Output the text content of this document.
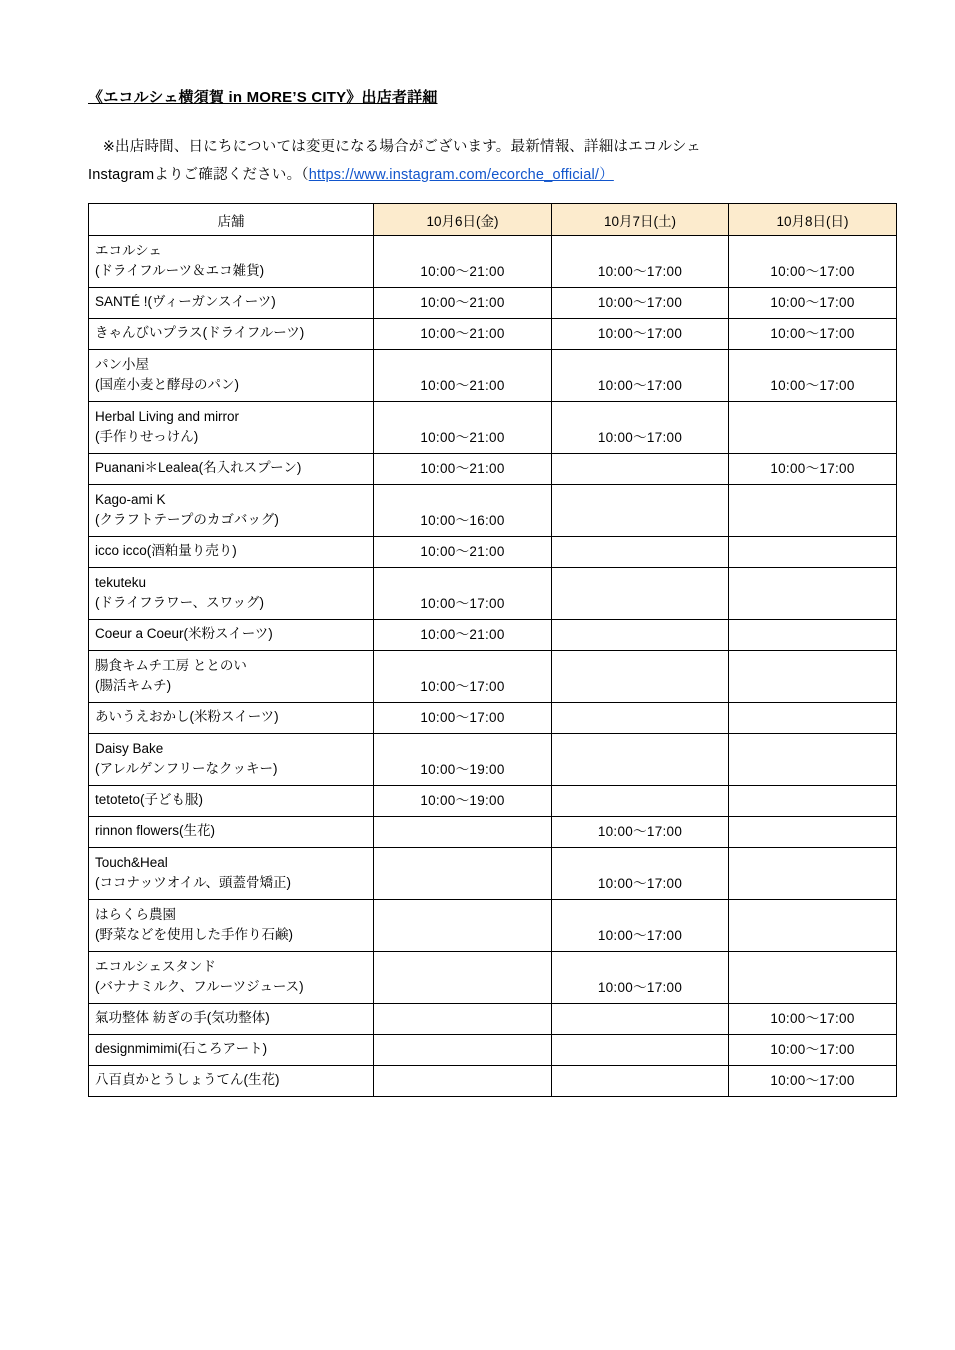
《エコルシェ横須賀 in MORE’S CITY》出店者詳細

　※出店時間、日にちについては変更になる場合がございます。最新情報、詳細はエコルシェ
Instagramよりご確認ください。（https://www.instagram.com/ecorche_official/）

店舗	10月6日(金)	10月7日(土)	10月8日(日)

エコルシェ
(ドライフルーツ＆エコ雑貨)	10:00～21:00	10:00～17:00	10:00～17:00

SANTÉ !(ヴィーガンスイーツ)	10:00～21:00	10:00～17:00	10:00～17:00

きゃんびいプラス(ドライフルーツ)	10:00～21:00	10:00～17:00	10:00～17:00

パン小屋
(国産小麦と酵母のパン)	10:00～21:00	10:00～17:00	10:00～17:00

Herbal Living and mirror
(手作りせっけん)	10:00～21:00	10:00～17:00	

Puanani＊Lealea(名入れスプーン)	10:00～21:00		10:00～17:00

Kago-ami K
(クラフトテープのカゴバッグ)	10:00～16:00		

icco icco(酒粕量り売り)	10:00～21:00		

tekuteku
(ドライフラワー、スワッグ)	10:00～17:00		

Coeur a Coeur(米粉スイーツ)	10:00～21:00		

腸食キムチ工房 ととのい
(腸活キムチ)	10:00～17:00		

あいうえおかし(米粉スイーツ)	10:00～17:00		

Daisy Bake
(アレルゲンフリーなクッキー)	10:00～19:00		

tetoteto(子ども服)	10:00～19:00		

rinnon flowers(生花)		10:00～17:00	

Touch&Heal
(ココナッツオイル、頭蓋骨矯正)		10:00～17:00	

はらくら農園
(野菜などを使用した手作り石鹸)		10:00～17:00	

エコルシェスタンド
(バナナミルク、フルーツジュース)		10:00～17:00	

氣功整体 紡ぎの手(気功整体)			10:00～17:00

designmimimi(石ころアート)			10:00～17:00

八百貞かとうしょうてん(生花)			10:00～17:00
